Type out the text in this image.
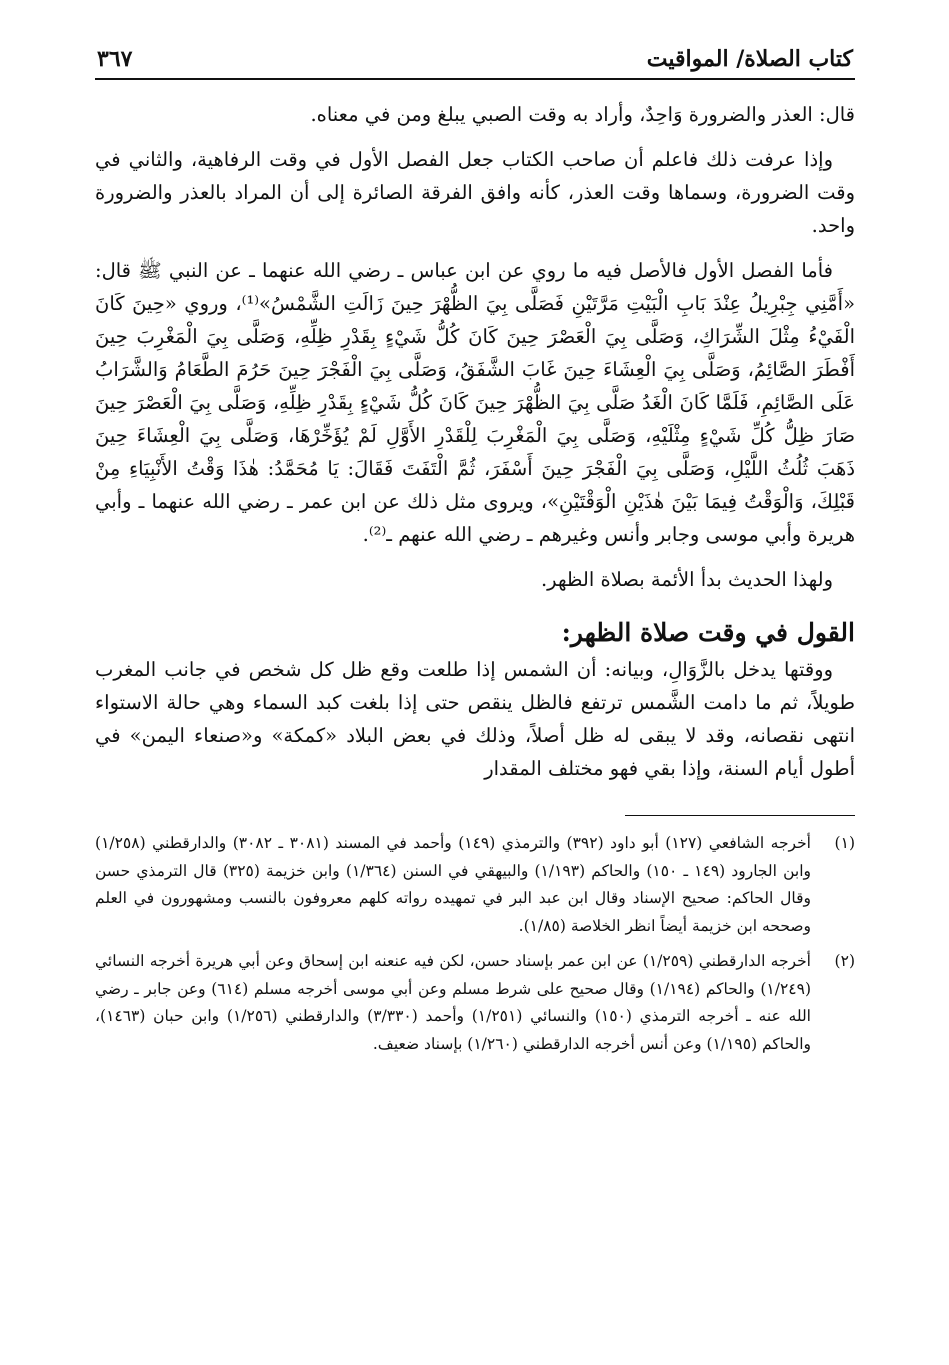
كتاب الصلاة/ المواقيت
٣٦٧

قال: العذر والضرورة وَاحِدٌ، وأراد به وقت الصبي يبلغ ومن في معناه.

وإذا عرفت ذلك فاعلم أن صاحب الكتاب جعل الفصل الأول في وقت الرفاهية، والثاني في وقت الضرورة، وسماها وقت العذر، كأنه وافق الفرقة الصائرة إلى أن المراد بالعذر والضرورة واحد.

فأما الفصل الأول فالأصل فيه ما روي عن ابن عباس ـ رضي الله عنهما ـ عن النبي ﷺ قال: «أَمَّنِي جِبْرِيلُ عِنْدَ بَابِ الْبَيْتِ مَرَّتَيْنِ فَصَلَّى بِيَ الظُّهْرَ حِينَ زَالَتِ الشَّمْسُ»⁽¹⁾، وروي «حِينَ كَانَ الْفَيْءُ مِثْلَ الشِّرَاكِ، وَصَلَّى بِيَ الْعَصْرَ حِينَ كَانَ كُلُّ شَيْءٍ بِقَدْرِ ظِلِّهِ، وَصَلَّى بِيَ الْمَغْرِبَ حِينَ أَفْطَرَ الصَّائِمُ، وَصَلَّى بِيَ الْعِشَاءَ حِينَ غَابَ الشَّفَقُ، وَصَلَّى بِيَ الْفَجْرَ حِينَ حَرُمَ الطَّعَامُ وَالشَّرَابُ عَلَى الصَّائِمِ، فَلَمَّا كَانَ الْغَدُ صَلَّى بِيَ الظُّهْرَ حِينَ كَانَ كُلُّ شَيْءٍ بِقَدْرِ ظِلِّهِ، وَصَلَّى بِيَ الْعَصْرَ حِينَ صَارَ ظِلُّ كُلِّ شَيْءٍ مِثْلَيْهِ، وَصَلَّى بِيَ الْمَغْرِبَ لِلْقَدْرِ الأَوَّلِ لَمْ يُؤَخِّرْهَا، وَصَلَّى بِيَ الْعِشَاءَ حِينَ ذَهَبَ ثُلُثُ اللَّيْلِ، وَصَلَّى بِيَ الْفَجْرَ حِينَ أَسْفَرَ، ثُمَّ الْتَفَتَ فَقَالَ: يَا مُحَمَّدُ: هٰذَا وَقْتُ الأَنْبِيَاءِ مِنْ قَبْلِكَ، وَالْوَقْتُ فِيمَا بَيْنَ هٰذَيْنِ الْوَقْتَيْنِ»، ويروى مثل ذلك عن ابن عمر ـ رضي الله عنهما ـ وأبي هريرة وأبي موسى وجابر وأنس وغيرهم ـ رضي الله عنهم ـ⁽²⁾.

ولهذا الحديث بدأ الأئمة بصلاة الظهر.

القول في وقت صلاة الظهر:

ووقتها يدخل بالزَّوَالِ، وبيانه: أن الشمس إذا طلعت وقع ظل كل شخص في جانب المغرب طويلاً، ثم ما دامت الشَّمس ترتفع فالظل ينقص حتى إذا بلغت كبد السماء وهي حالة الاستواء انتهى نقصانه، وقد لا يبقى له ظل أصلاً، وذلك في بعض البلاد «كمكة» و«صنعاء اليمن» في أطول أيام السنة، وإذا بقي فهو مختلف المقدار

(١)
أخرجه الشافعي (١٢٧) أبو داود (٣٩٢) والترمذي (١٤٩) وأحمد في المسند (٣٠٨١ ـ ٣٠٨٢) والدارقطني (١/٢٥٨) وابن الجارود (١٤٩ ـ ١٥٠) والحاكم (١/١٩٣) والبيهقي في السنن (١/٣٦٤) وابن خزيمة (٣٢٥) قال الترمذي حسن وقال الحاكم: صحيح الإسناد وقال ابن عبد البر في تمهيده رواته كلهم معروفون بالنسب ومشهورون في العلم وصححه ابن خزيمة أيضاً انظر الخلاصة (١/٨٥).
(٢)
أخرجه الدارقطني (١/٢٥٩) عن ابن عمر بإسناد حسن، لكن فيه عنعنه ابن إسحاق وعن أبي هريرة أخرجه النسائي (١/٢٤٩) والحاكم (١/١٩٤) وقال صحيح على شرط مسلم وعن أبي موسى أخرجه مسلم (٦١٤) وعن جابر ـ رضي الله عنه ـ أخرجه الترمذي (١٥٠) والنسائي (١/٢٥١) وأحمد (٣/٣٣٠) والدارقطني (١/٢٥٦) وابن حبان (١٤٦٣)، والحاكم (١/١٩٥) وعن أنس أخرجه الدارقطني (١/٢٦٠) بإسناد ضعيف.
